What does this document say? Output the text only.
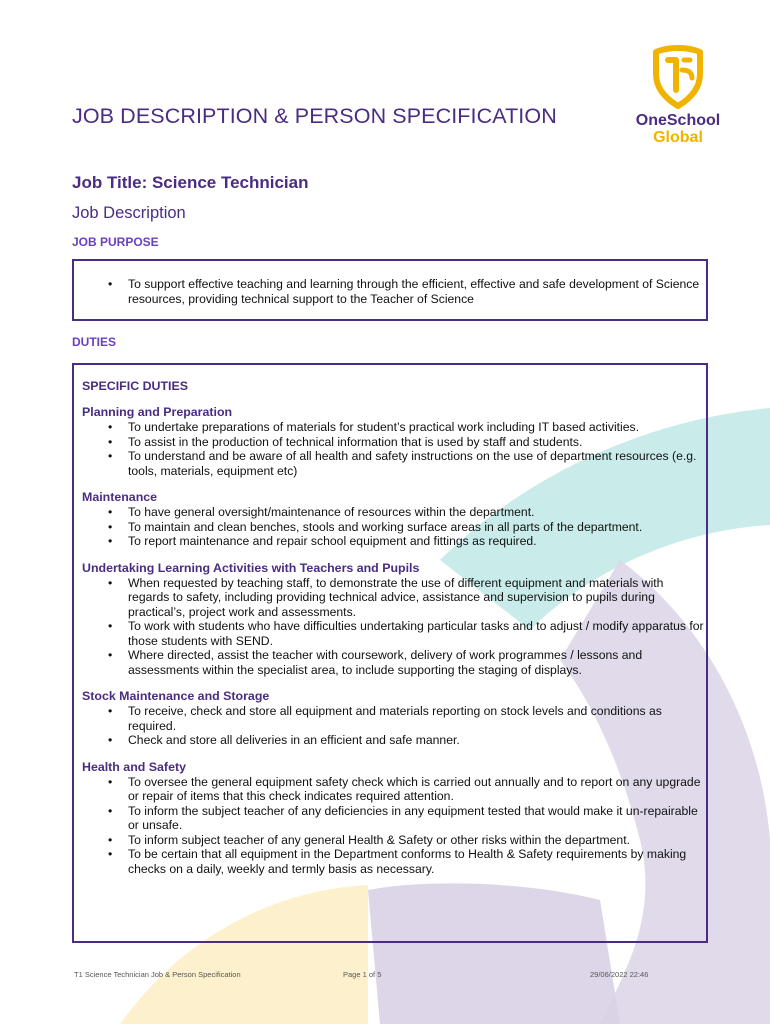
OneSchool
Global
JOB DESCRIPTION & PERSON SPECIFICATION
Job Title: Science Technician
Job Description
JOB PURPOSE
• To support effective teaching and learning through the efficient, effective and safe development of Science resources, providing technical support to the Teacher of Science
DUTIES
SPECIFIC DUTIES
Planning and Preparation
• To undertake preparations of materials for student’s practical work including IT based activities.
• To assist in the production of technical information that is used by staff and students.
• To understand and be aware of all health and safety instructions on the use of department resources (e.g. tools, materials, equipment etc)
Maintenance
• To have general oversight/maintenance of resources within the department.
• To maintain and clean benches, stools and working surface areas in all parts of the department.
• To report maintenance and repair school equipment and fittings as required.
Undertaking Learning Activities with Teachers and Pupils
• When requested by teaching staff, to demonstrate the use of different equipment and materials with regards to safety, including providing technical advice, assistance and supervision to pupils during practical’s, project work and assessments.
• To work with students who have difficulties undertaking particular tasks and to adjust / modify apparatus for those students with SEND.
• Where directed, assist the teacher with coursework, delivery of work programmes / lessons and assessments within the specialist area, to include supporting the staging of displays.
Stock Maintenance and Storage
• To receive, check and store all equipment and materials reporting on stock levels and conditions as required.
• Check and store all deliveries in an efficient and safe manner.
Health and Safety
• To oversee the general equipment safety check which is carried out annually and to report on any upgrade or repair of items that this check indicates required attention.
• To inform the subject teacher of any deficiencies in any equipment tested that would make it un-repairable or unsafe.
• To inform subject teacher of any general Health & Safety or other risks within the department.
• To be certain that all equipment in the Department conforms to Health & Safety requirements by making checks on a daily, weekly and termly basis as necessary.
T1 Science Technician Job & Person Specification	Page 1 of 5	29/06/2022 22:46
